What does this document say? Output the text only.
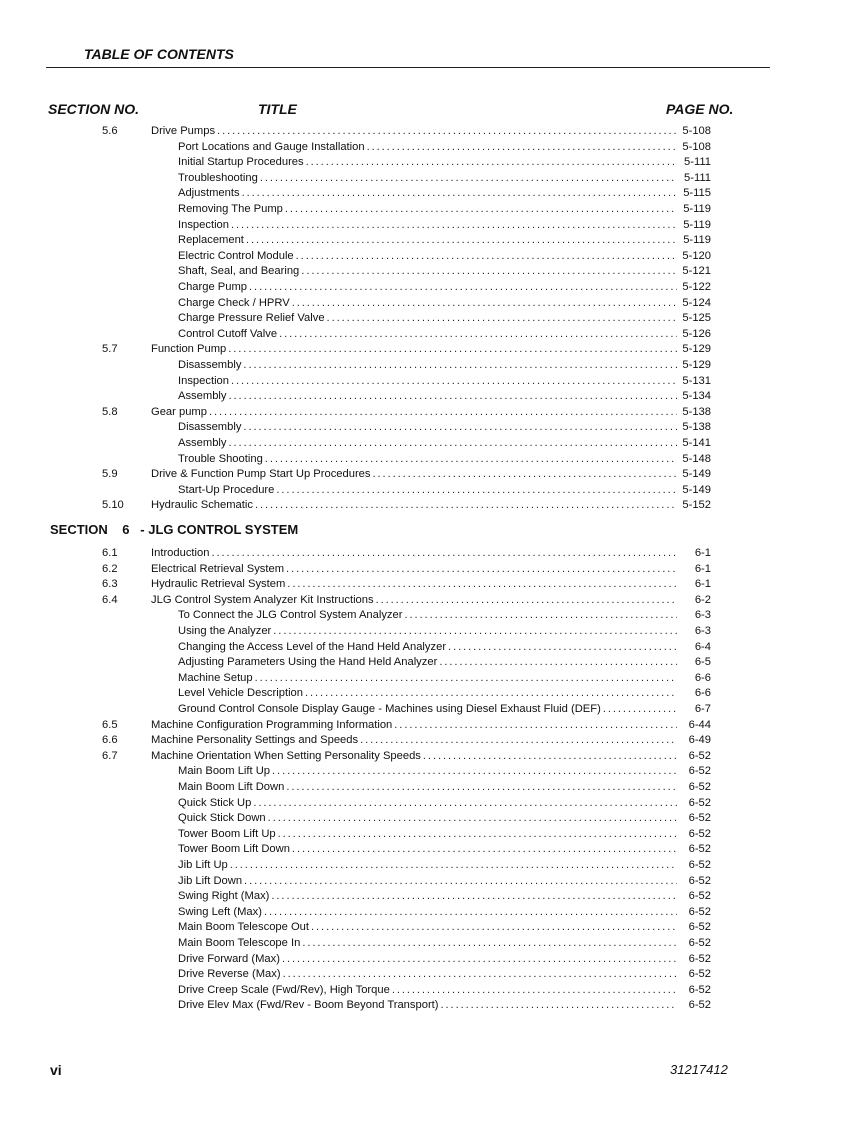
TABLE OF CONTENTS
SECTION NO.	TITLE	PAGE NO.
5.6	Drive Pumps . . .	5-108
Port Locations and Gauge Installation . . .	5-108
Initial Startup Procedures . . .	5-111
Troubleshooting . . .	5-111
Adjustments . . .	5-115
Removing The Pump . . .	5-119
Inspection . . .	5-119
Replacement . . .	5-119
Electric Control Module . . .	5-120
Shaft, Seal, and Bearing . . .	5-121
Charge Pump . . .	5-122
Charge Check / HPRV . . .	5-124
Charge Pressure Relief Valve . . .	5-125
Control Cutoff Valve . . .	5-126
5.7	Function Pump . . .	5-129
Disassembly . . .	5-129
Inspection . . .	5-131
Assembly . . .	5-134
5.8	Gear pump . . .	5-138
Disassembly . . .	5-138
Assembly . . .	5-141
Trouble Shooting . . .	5-148
5.9	Drive & Function Pump Start Up Procedures . . .	5-149
Start-Up Procedure . . .	5-149
5.10 Hydraulic Schematic . . .	5-152
SECTION    6   - JLG CONTROL SYSTEM
6.1	Introduction . . .	6-1
6.2	Electrical Retrieval System . . .	6-1
6.3	Hydraulic Retrieval System . . .	6-1
6.4	JLG Control System Analyzer Kit Instructions . . .	6-2
To Connect the JLG Control System Analyzer . . .	6-3
Using the Analyzer . . .	6-3
Changing the Access Level of the Hand Held Analyzer . . .	6-4
Adjusting Parameters Using the Hand Held Analyzer . . .	6-5
Machine Setup . . .	6-6
Level Vehicle Description . . .	6-6
Ground Control Console Display Gauge - Machines using Diesel Exhaust Fluid (DEF) . . .	6-7
6.5	Machine Configuration Programming Information . . .	6-44
6.6	Machine Personality Settings and Speeds . . .	6-49
6.7	Machine Orientation When Setting Personality Speeds . . .	6-52
Main Boom Lift Up . . .	6-52
Main Boom Lift Down . . .	6-52
Quick Stick Up . . .	6-52
Quick Stick Down . . .	6-52
Tower Boom Lift Up . . .	6-52
Tower Boom Lift Down . . .	6-52
Jib Lift Up . . .	6-52
Jib Lift Down . . .	6-52
Swing Right (Max) . . .	6-52
Swing Left (Max) . . .	6-52
Main Boom Telescope Out . . .	6-52
Main Boom Telescope In . . .	6-52
Drive Forward (Max) . . .	6-52
Drive Reverse (Max) . . .	6-52
Drive Creep Scale (Fwd/Rev), High Torque . . .	6-52
Drive Elev Max (Fwd/Rev - Boom Beyond Transport) . . .	6-52
vi	31217412
